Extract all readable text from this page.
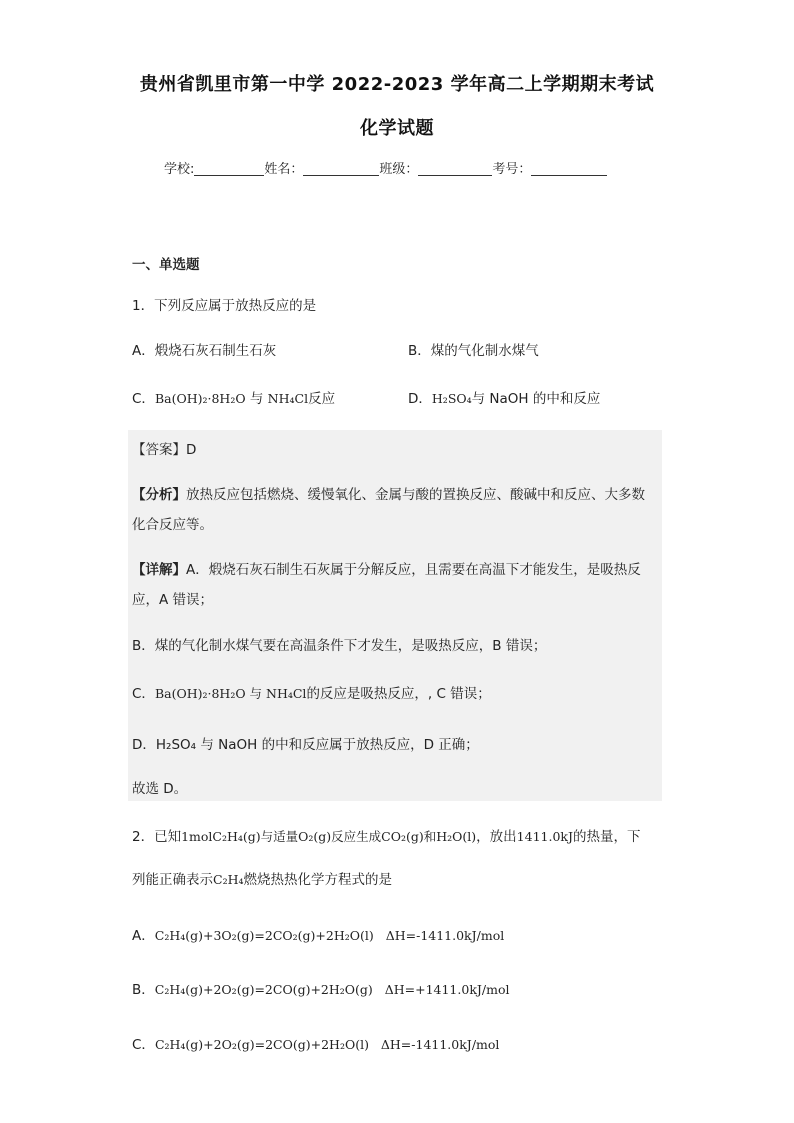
贵州省凯里市第一中学 2022-2023 学年高二上学期期末考试
化学试题
学校:	姓名：	班级：	考号：
一、单选题
1．下列反应属于放热反应的是
A．煅烧石灰石制生石灰	B．煤的气化制水煤气
C．Ba(OH)₂·8H₂O 与 NH₄Cl反应	D．H₂SO₄与 NaOH 的中和反应
【答案】D
【分析】放热反应包括燃烧、缓慢氧化、金属与酸的置换反应、酸碱中和反应、大多数
化合反应等。
【详解】A．煅烧石灰石制生石灰属于分解反应，且需要在高温下才能发生，是吸热反
应，A 错误；
B．煤的气化制水煤气要在高温条件下才发生，是吸热反应，B 错误；
C．Ba(OH)₂·8H₂O 与 NH₄Cl的反应是吸热反应，, C 错误；
D．H₂SO₄ 与 NaOH 的中和反应属于放热反应，D 正确；
故选 D。
2．已知1molC₂H₄(g)与适量O₂(g)反应生成CO₂(g)和H₂O(l)，放出1411.0kJ的热量，下
列能正确表示C₂H₄燃烧热热化学方程式的是
A．C₂H₄(g)+3O₂(g)=2CO₂(g)+2H₂O(l)   ΔH=-1411.0kJ/mol
B．C₂H₄(g)+2O₂(g)=2CO(g)+2H₂O(g)   ΔH=+1411.0kJ/mol
C．C₂H₄(g)+2O₂(g)=2CO(g)+2H₂O(l)   ΔH=-1411.0kJ/mol
